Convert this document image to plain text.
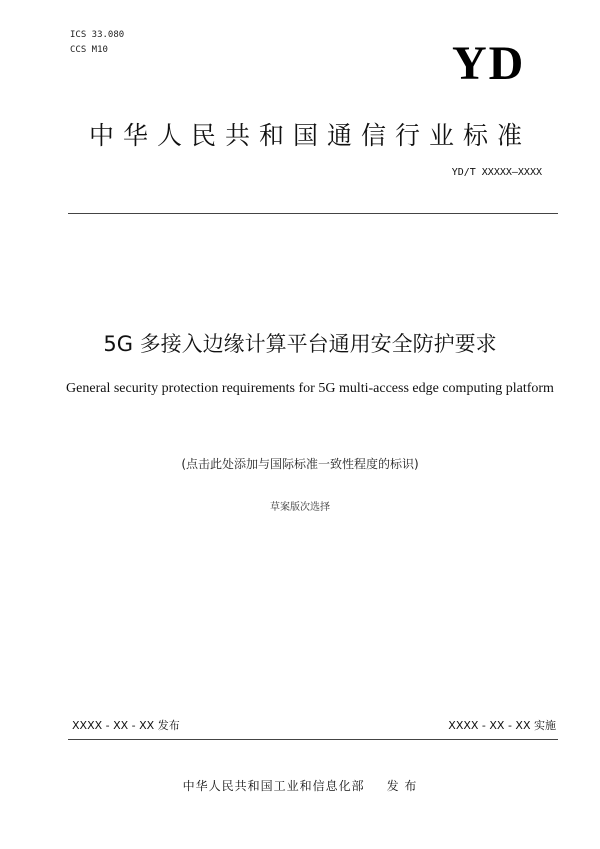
ICS 33.080
CCS M10	YD
中华人民共和国通信行业标准
YD/T XXXXX—XXXX
5G 多接入边缘计算平台通用安全防护要求
General security protection requirements for 5G multi-access edge computing platform
(点击此处添加与国际标准一致性程度的标识)
草案版次选择
XXXX - XX - XX 发布	XXXX - XX - XX 实施
中华人民共和国工业和信息化部 发 布
